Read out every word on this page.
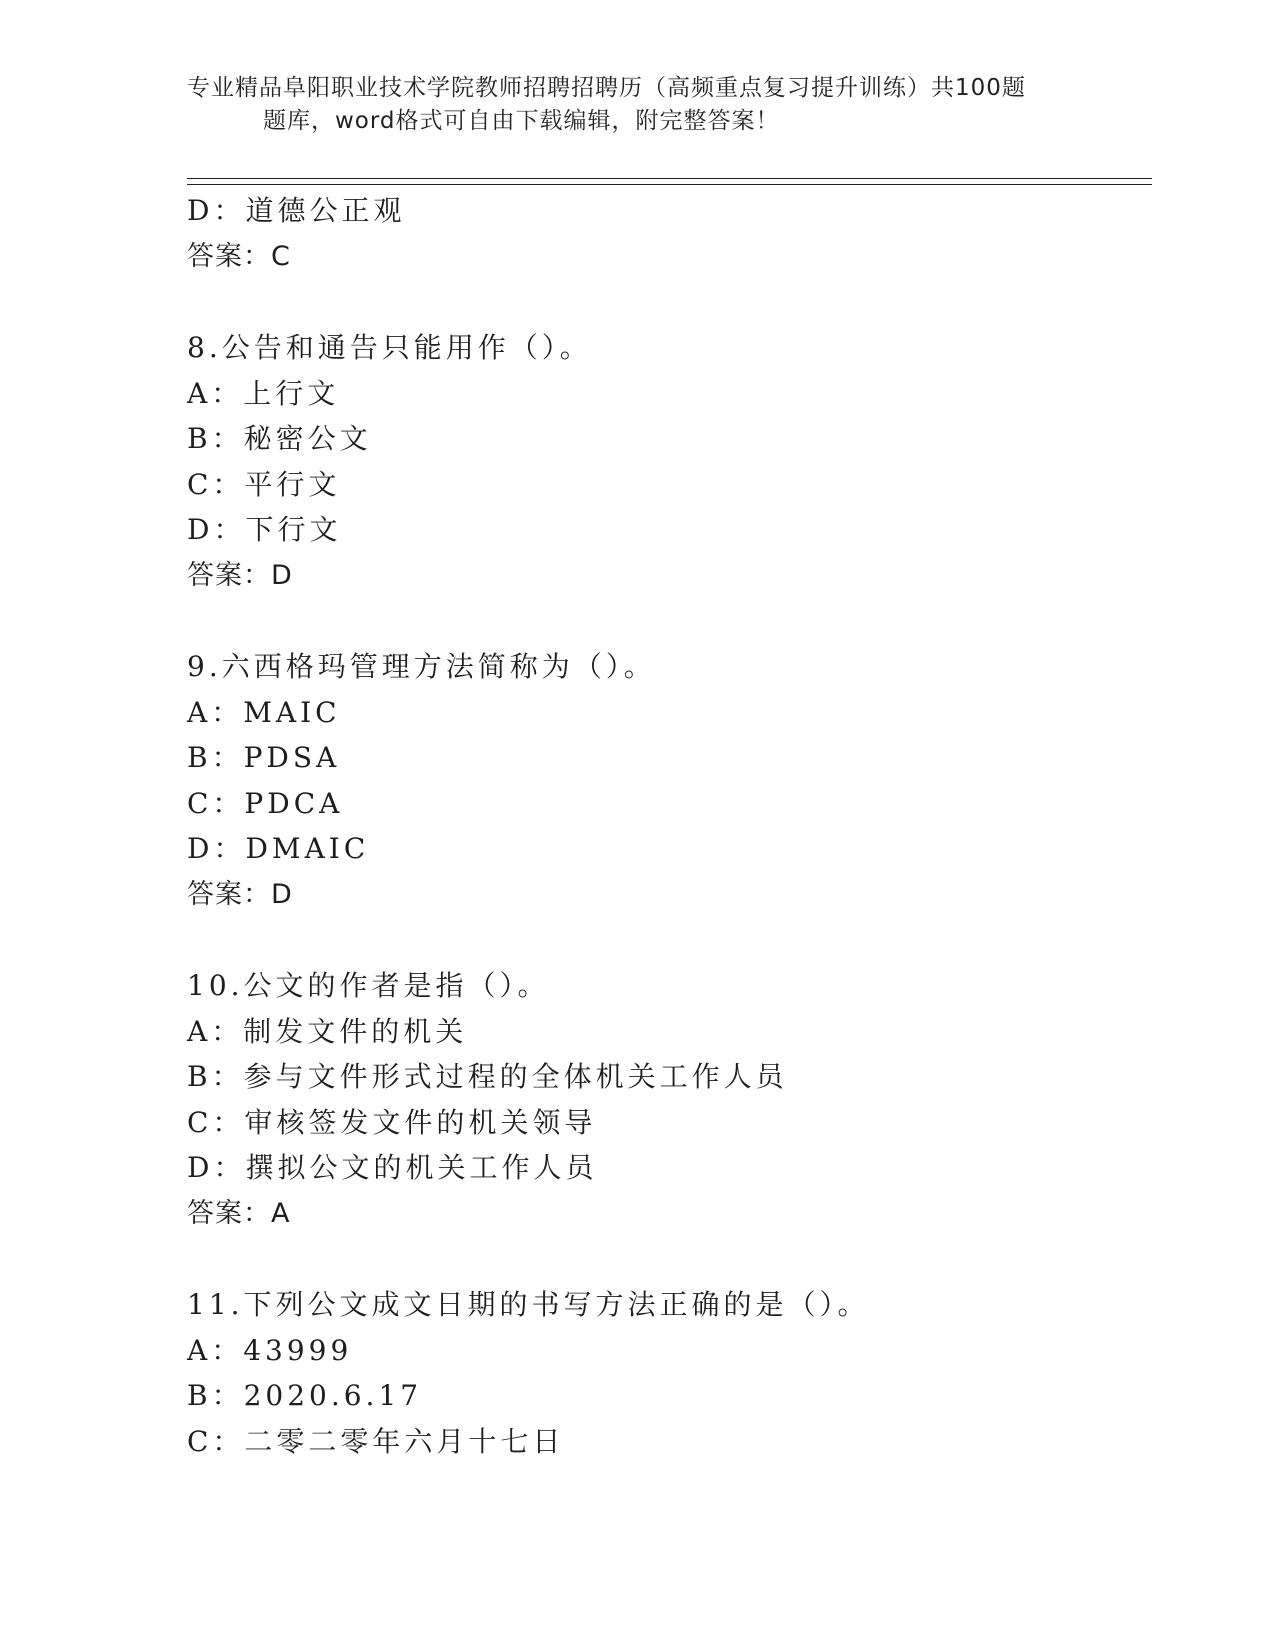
专业精品阜阳职业技术学院教师招聘招聘历（高频重点复习提升训练）共100题
题库，word格式可自由下载编辑，附完整答案！
D：道德公正观
答案：C
8.公告和通告只能用作（）。
A：上行文
B：秘密公文
C：平行文
D：下行文
答案：D
9.六西格玛管理方法简称为（）。
A：MAIC
B：PDSA
C：PDCA
D：DMAIC
答案：D
10.公文的作者是指（）。
A：制发文件的机关
B：参与文件形式过程的全体机关工作人员
C：审核签发文件的机关领导
D：撰拟公文的机关工作人员
答案：A
11.下列公文成文日期的书写方法正确的是（）。
A：43999
B：2020.6.17
C：二零二零年六月十七日
